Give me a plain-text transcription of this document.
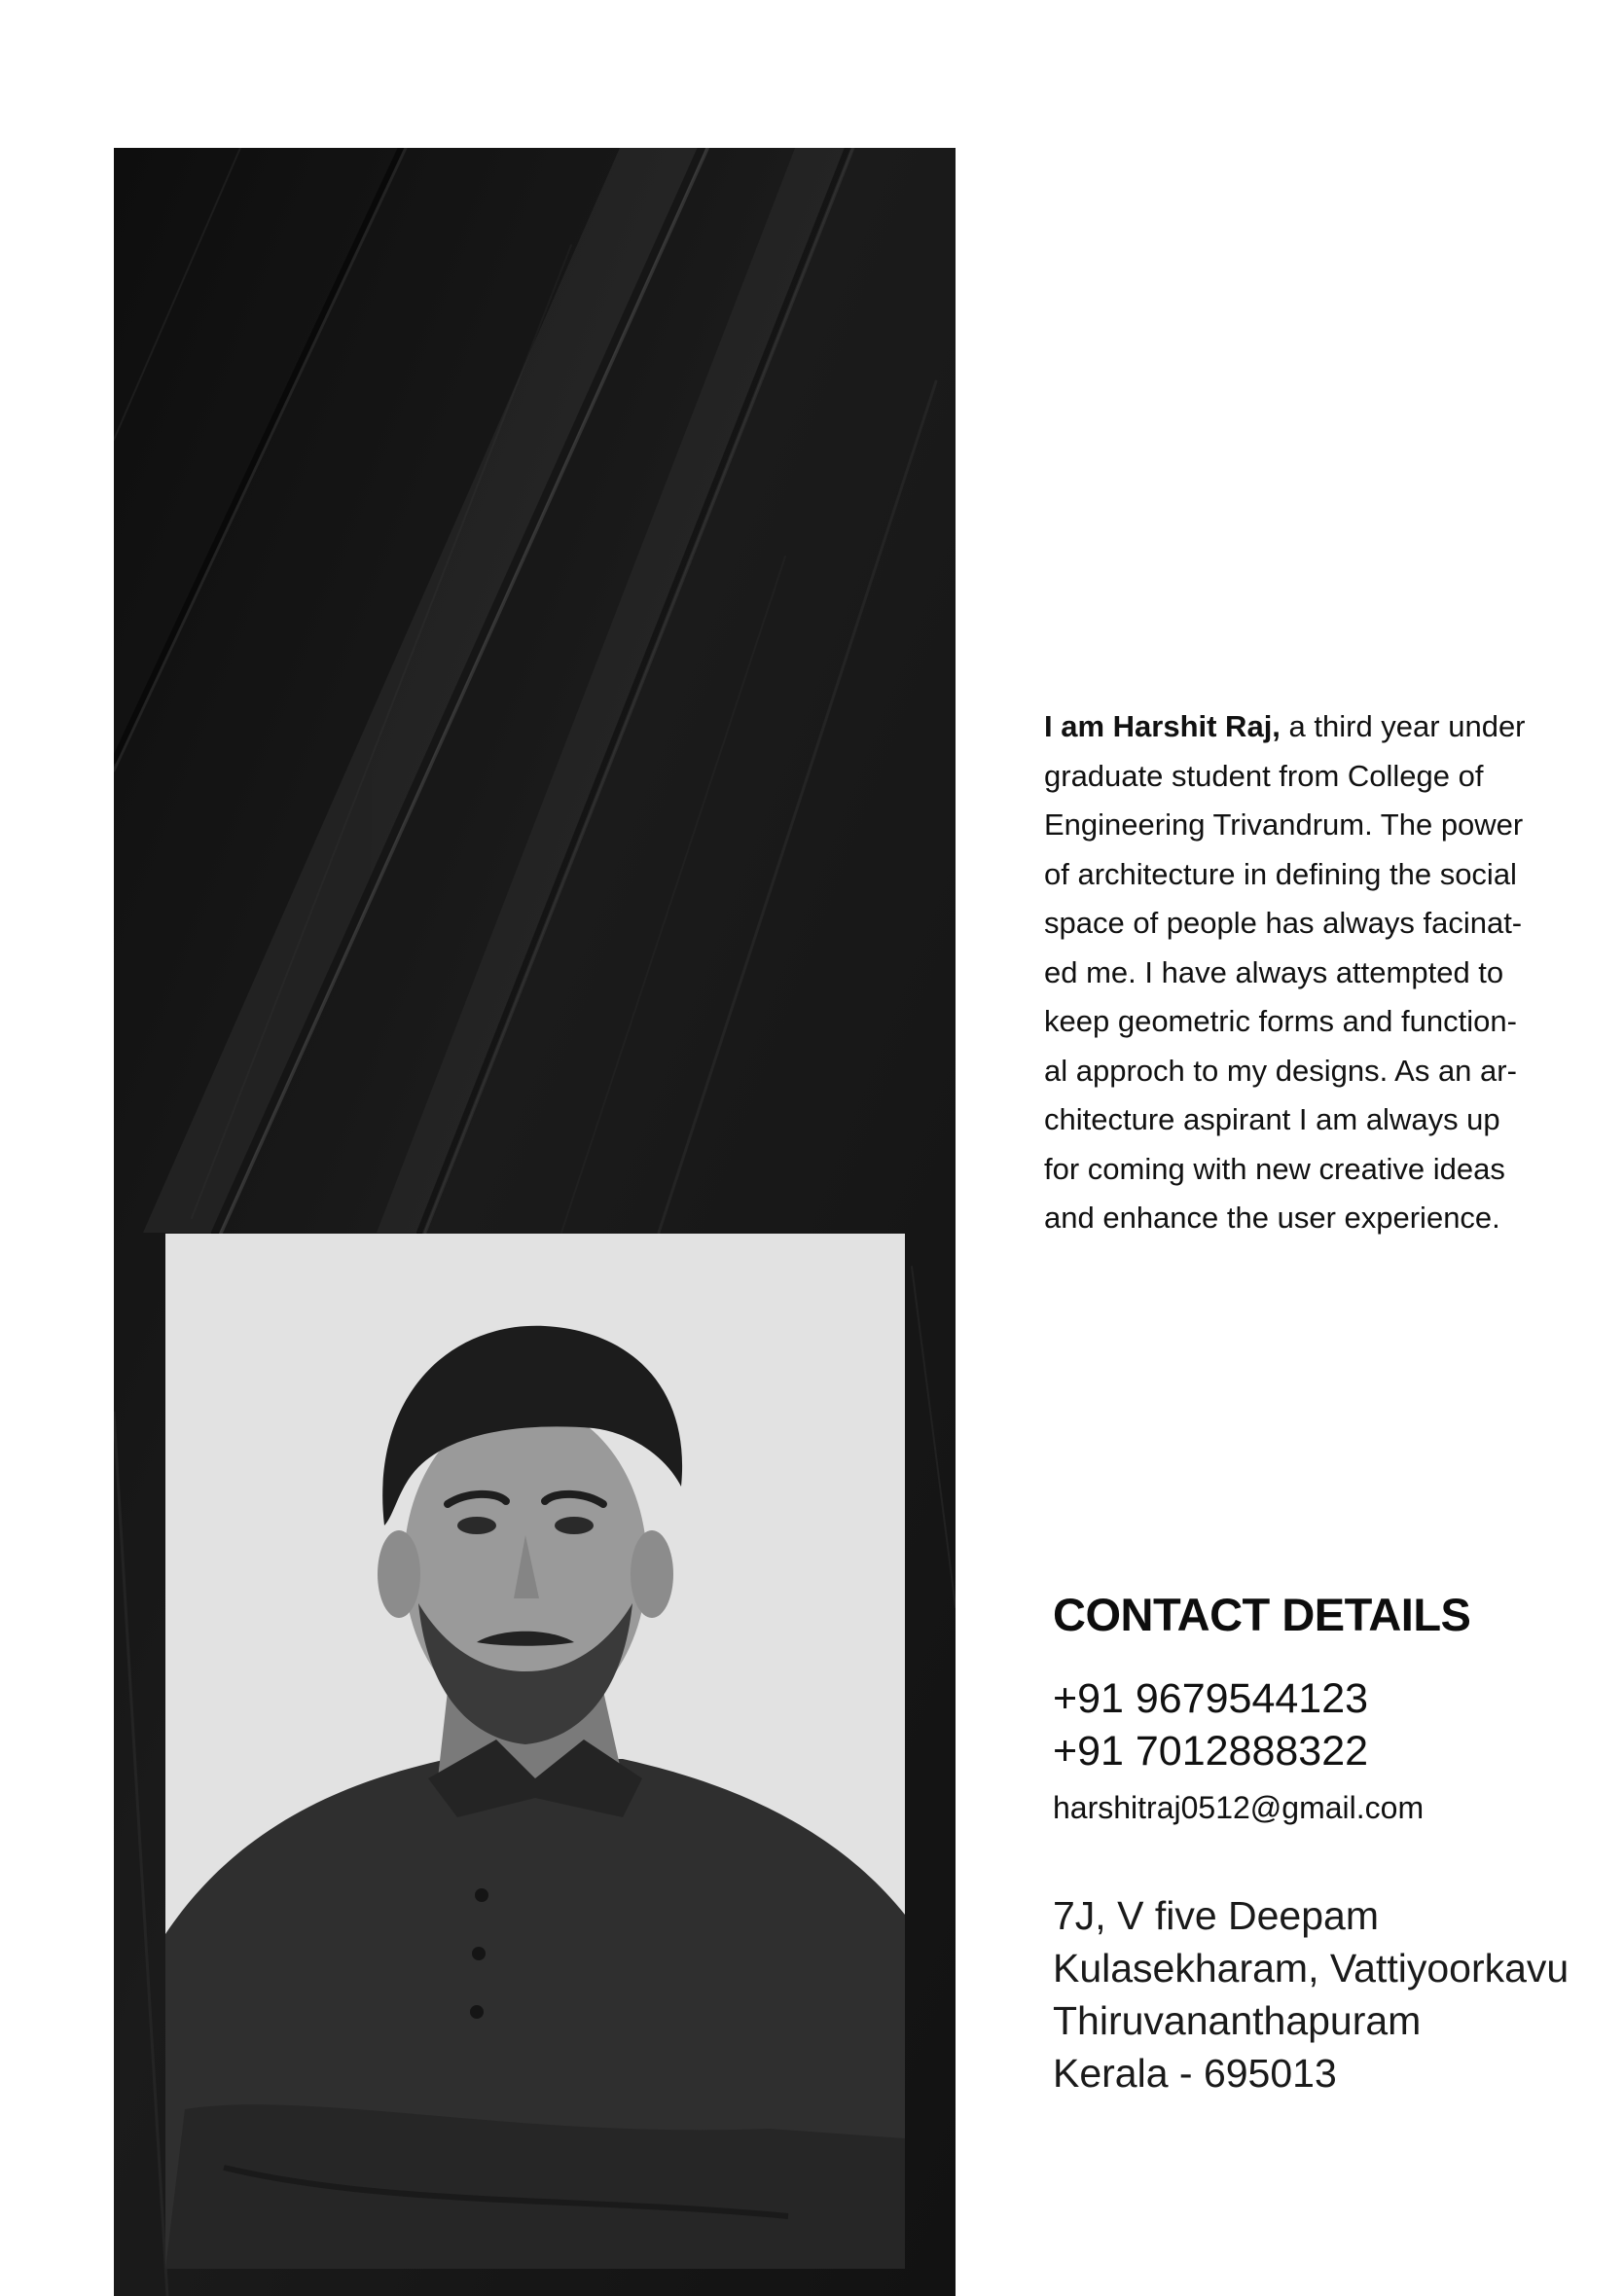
I am Harshit Raj, a third year under
graduate student from College of
Engineering Trivandrum. The power
of architecture in defining the social
space of people has always facinat-
ed me. I have always attempted to
keep geometric forms and function-
al approch to my designs. As an ar-
chitecture aspirant I am always up
for coming with new creative ideas
and enhance the user experience.
CONTACT DETAILS
+91 9679544123
+91 7012888322
harshitraj0512@gmail.com
7J, V five Deepam
Kulasekharam, Vattiyoorkavu
Thiruvananthapuram
Kerala - 695013
